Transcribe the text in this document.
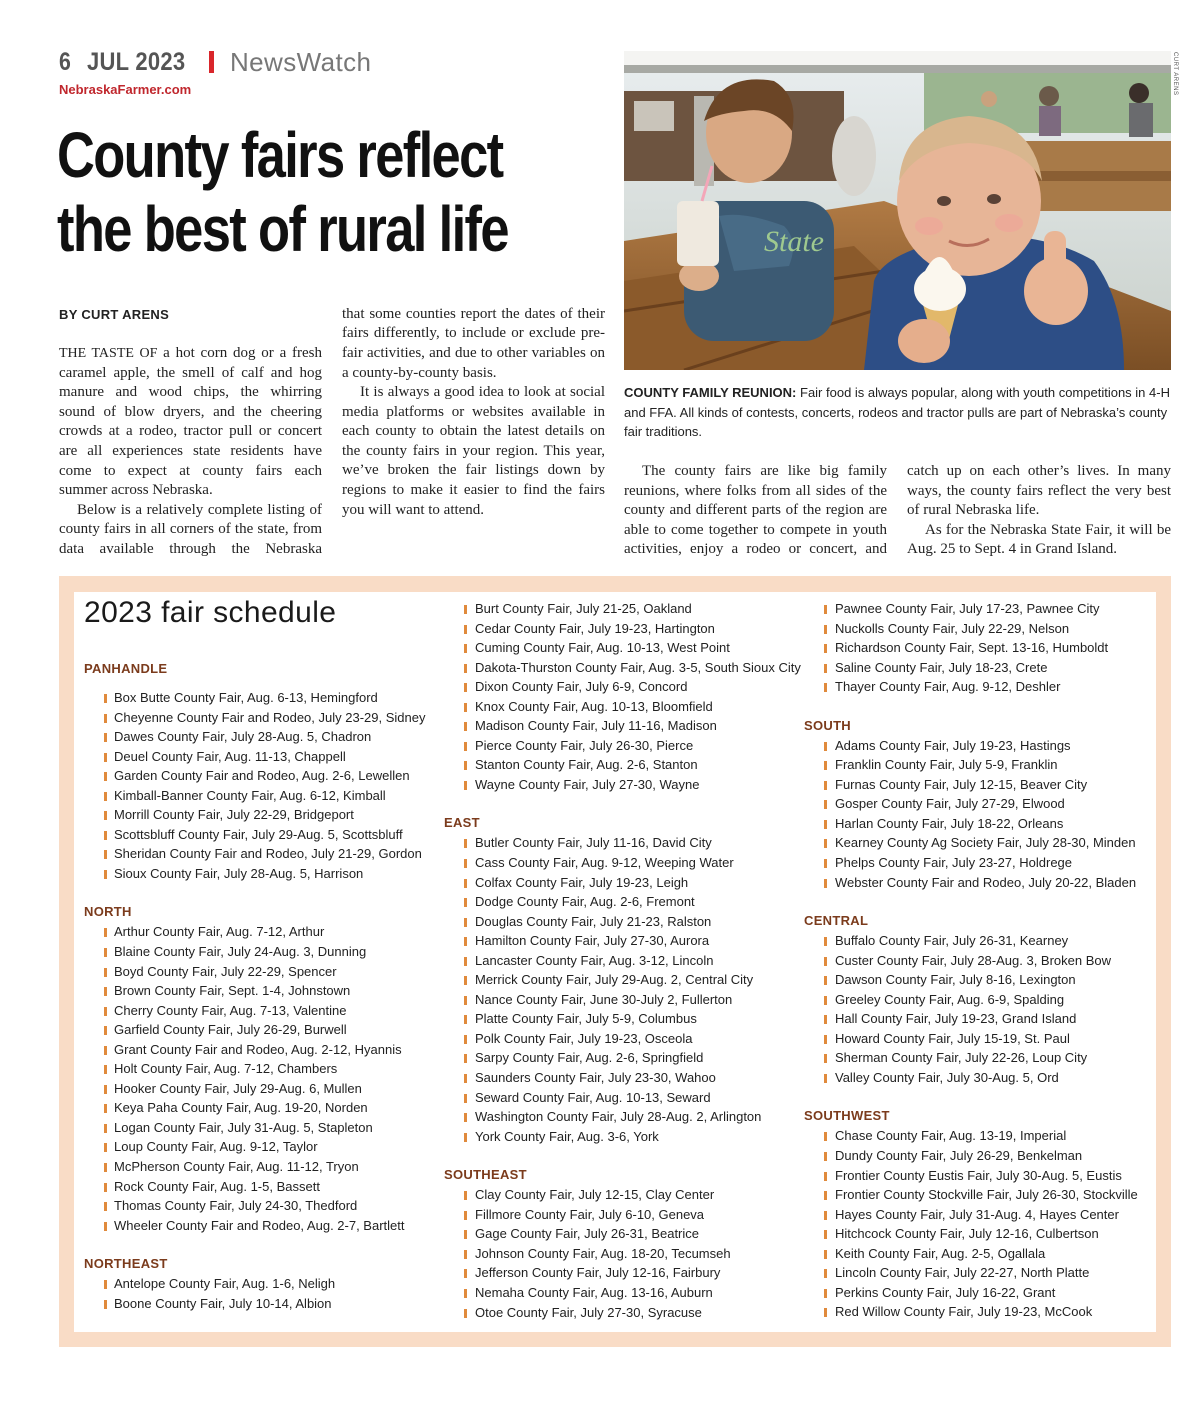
6 JUL 2023 NewsWatch
NebraskaFarmer.com
County fairs reflect
the best of rural life
BY CURT ARENS

THE TASTE OF a hot corn dog or a fresh caramel apple, the smell of calf and hog manure and wood chips, the whirring sound of blow dryers, and the cheering crowds at a rodeo, tractor pull or concert are all experiences state residents have come to expect at county fairs each summer across Nebraska.

Below is a relatively complete listing of county fairs in all corners of the state, from data available through the Nebraska

that some counties report the dates of their fairs differently, to include or exclude pre-fair activities, and due to other variables on a county-by-county basis.

It is always a good idea to look at social media platforms or websites available in each county to obtain the latest details on the county fairs in your region. This year, we’ve broken the fair listings down by regions to make it easier to find the fairs you will want to attend.

State
CURT ARENS
COUNTY FAMILY REUNION: Fair food is always popular, along with youth competitions in 4-H and FFA. All kinds of contests, concerts, rodeos and tractor pulls are part of Nebraska’s county fair traditions.

The county fairs are like big family reunions, where folks from all sides of the county and different parts of the region are able to come together to compete in youth activities, enjoy a rodeo or concert, and

catch up on each other’s lives. In many ways, the county fairs reflect the very best of rural Nebraska life.

As for the Nebraska State Fair, it will be Aug. 25 to Sept. 4 in Grand Island.

2023 fair schedule
PANHANDLE
Box Butte County Fair, Aug. 6-13, Hemingford
Cheyenne County Fair and Rodeo, July 23-29, Sidney
Dawes County Fair, July 28-Aug. 5, Chadron
Deuel County Fair, Aug. 11-13, Chappell
Garden County Fair and Rodeo, Aug. 2-6, Lewellen
Kimball-Banner County Fair, Aug. 6-12, Kimball
Morrill County Fair, July 22-29, Bridgeport
Scottsbluff County Fair, July 29-Aug. 5, Scottsbluff
Sheridan County Fair and Rodeo, July 21-29, Gordon
Sioux County Fair, July 28-Aug. 5, Harrison
NORTH
Arthur County Fair, Aug. 7-12, Arthur
Blaine County Fair, July 24-Aug. 3, Dunning
Boyd County Fair, July 22-29, Spencer
Brown County Fair, Sept. 1-4, Johnstown
Cherry County Fair, Aug. 7-13, Valentine
Garfield County Fair, July 26-29, Burwell
Grant County Fair and Rodeo, Aug. 2-12, Hyannis
Holt County Fair, Aug. 7-12, Chambers
Hooker County Fair, July 29-Aug. 6, Mullen
Keya Paha County Fair, Aug. 19-20, Norden
Logan County Fair, July 31-Aug. 5, Stapleton
Loup County Fair, Aug. 9-12, Taylor
McPherson County Fair, Aug. 11-12, Tryon
Rock County Fair, Aug. 1-5, Bassett
Thomas County Fair, July 24-30, Thedford
Wheeler County Fair and Rodeo, Aug. 2-7, Bartlett
NORTHEAST
Antelope County Fair, Aug. 1-6, Neligh
Boone County Fair, July 10-14, Albion
Burt County Fair, July 21-25, Oakland
Cedar County Fair, July 19-23, Hartington
Cuming County Fair, Aug. 10-13, West Point
Dakota-Thurston County Fair, Aug. 3-5, South Sioux City
Dixon County Fair, July 6-9, Concord
Knox County Fair, Aug. 10-13, Bloomfield
Madison County Fair, July 11-16, Madison
Pierce County Fair, July 26-30, Pierce
Stanton County Fair, Aug. 2-6, Stanton
Wayne County Fair, July 27-30, Wayne
EAST
Butler County Fair, July 11-16, David City
Cass County Fair, Aug. 9-12, Weeping Water
Colfax County Fair, July 19-23, Leigh
Dodge County Fair, Aug. 2-6, Fremont
Douglas County Fair, July 21-23, Ralston
Hamilton County Fair, July 27-30, Aurora
Lancaster County Fair, Aug. 3-12, Lincoln
Merrick County Fair, July 29-Aug. 2, Central City
Nance County Fair, June 30-July 2, Fullerton
Platte County Fair, July 5-9, Columbus
Polk County Fair, July 19-23, Osceola
Sarpy County Fair, Aug. 2-6, Springfield
Saunders County Fair, July 23-30, Wahoo
Seward County Fair, Aug. 10-13, Seward
Washington County Fair, July 28-Aug. 2, Arlington
York County Fair, Aug. 3-6, York
SOUTHEAST
Clay County Fair, July 12-15, Clay Center
Fillmore County Fair, July 6-10, Geneva
Gage County Fair, July 26-31, Beatrice
Johnson County Fair, Aug. 18-20, Tecumseh
Jefferson County Fair, July 12-16, Fairbury
Nemaha County Fair, Aug. 13-16, Auburn
Otoe County Fair, July 27-30, Syracuse
Pawnee County Fair, July 17-23, Pawnee City
Nuckolls County Fair, July 22-29, Nelson
Richardson County Fair, Sept. 13-16, Humboldt
Saline County Fair, July 18-23, Crete
Thayer County Fair, Aug. 9-12, Deshler
SOUTH
Adams County Fair, July 19-23, Hastings
Franklin County Fair, July 5-9, Franklin
Furnas County Fair, July 12-15, Beaver City
Gosper County Fair, July 27-29, Elwood
Harlan County Fair, July 18-22, Orleans
Kearney County Ag Society Fair, July 28-30, Minden
Phelps County Fair, July 23-27, Holdrege
Webster County Fair and Rodeo, July 20-22, Bladen
CENTRAL
Buffalo County Fair, July 26-31, Kearney
Custer County Fair, July 28-Aug. 3, Broken Bow
Dawson County Fair, July 8-16, Lexington
Greeley County Fair, Aug. 6-9, Spalding
Hall County Fair, July 19-23, Grand Island
Howard County Fair, July 15-19, St. Paul
Sherman County Fair, July 22-26, Loup City
Valley County Fair, July 30-Aug. 5, Ord
SOUTHWEST
Chase County Fair, Aug. 13-19, Imperial
Dundy County Fair, July 26-29, Benkelman
Frontier County Eustis Fair, July 30-Aug. 5, Eustis
Frontier County Stockville Fair, July 26-30, Stockville
Hayes County Fair, July 31-Aug. 4, Hayes Center
Hitchcock County Fair, July 12-16, Culbertson
Keith County Fair, Aug. 2-5, Ogallala
Lincoln County Fair, July 22-27, North Platte
Perkins County Fair, July 16-22, Grant
Red Willow County Fair, July 19-23, McCook
